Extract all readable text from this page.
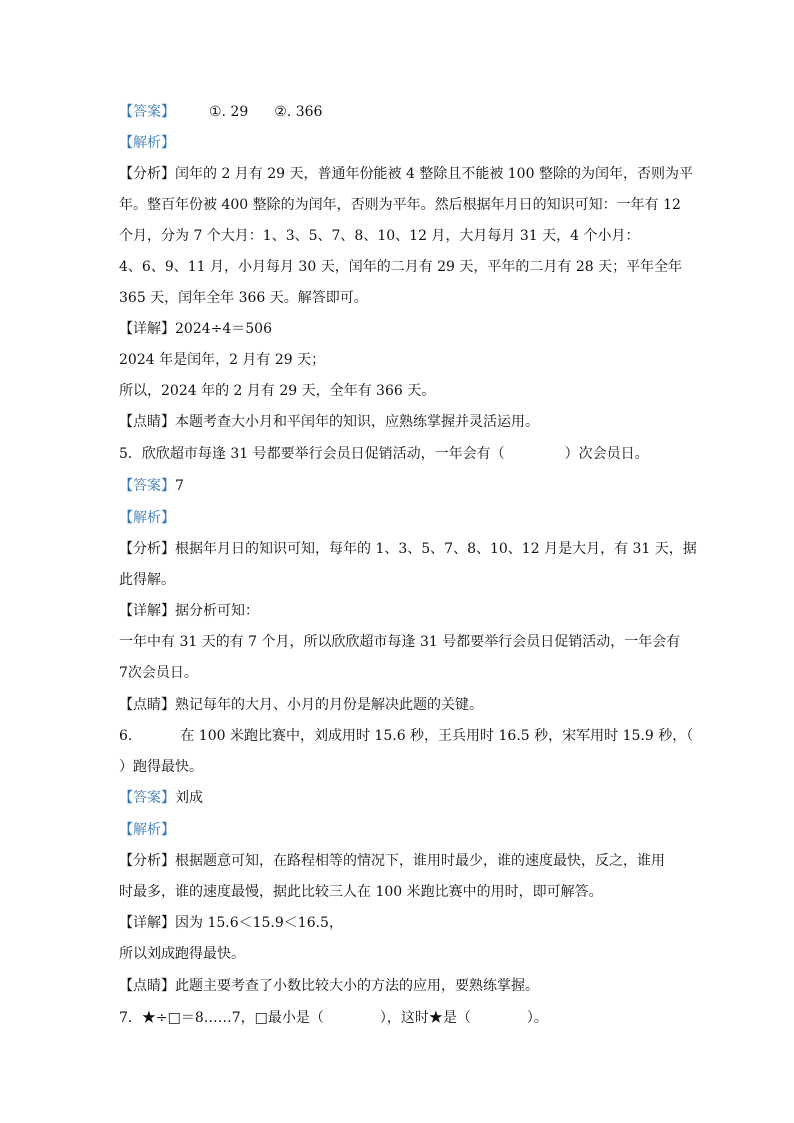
【答案】 ①. 29 ②. 366
【解析】
【分析】闰年的 2 月有 29 天，普通年份能被 4 整除且不能被 100 整除的为闰年，否则为平
年。整百年份被 400 整除的为闰年，否则为平年。然后根据年月日的知识可知：一年有 12
个月，分为 7 个大月：1、3、5、7、8、10、12 月，大月每月 31 天，4 个小月：
4、6、9、11 月，小月每月 30 天，闰年的二月有 29 天，平年的二月有 28 天；平年全年
365 天，闰年全年 366 天。解答即可。
【详解】2024÷4＝506
2024 年是闰年，2 月有 29 天；
所以，2024 年的 2 月有 29 天，全年有 366 天。
【点睛】本题考查大小月和平闰年的知识，应熟练掌握并灵活运用。
5．欣欣超市每逢 31 号都要举行会员日促销活动，一年会有（	）次会员日。
【答案】7
【解析】
【分析】根据年月日的知识可知，每年的 1、3、5、7、8、10、12 月是大月，有 31 天，据
此得解。
【详解】据分析可知：
一年中有 31 天的有 7 个月，所以欣欣超市每逢 31 号都要举行会员日促销活动，一年会有
7次会员日。
【点睛】熟记每年的大月、小月的月份是解决此题的关键。
6.	在 100 米跑比赛中，刘成用时 15.6 秒，王兵用时 16.5 秒，宋军用时 15.9 秒，（
）跑得最快。
【答案】刘成
【解析】
【分析】根据题意可知，在路程相等的情况下，谁用时最少，谁的速度最快，反之，谁用
时最多，谁的速度最慢，据此比较三人在 100 米跑比赛中的用时，即可解答。
【详解】因为 15.6＜15.9＜16.5，
所以刘成跑得最快。
【点睛】此题主要考查了小数比较大小的方法的应用，要熟练掌握。
7．★÷□＝8……7，□最小是（	），这时★是（	）。
